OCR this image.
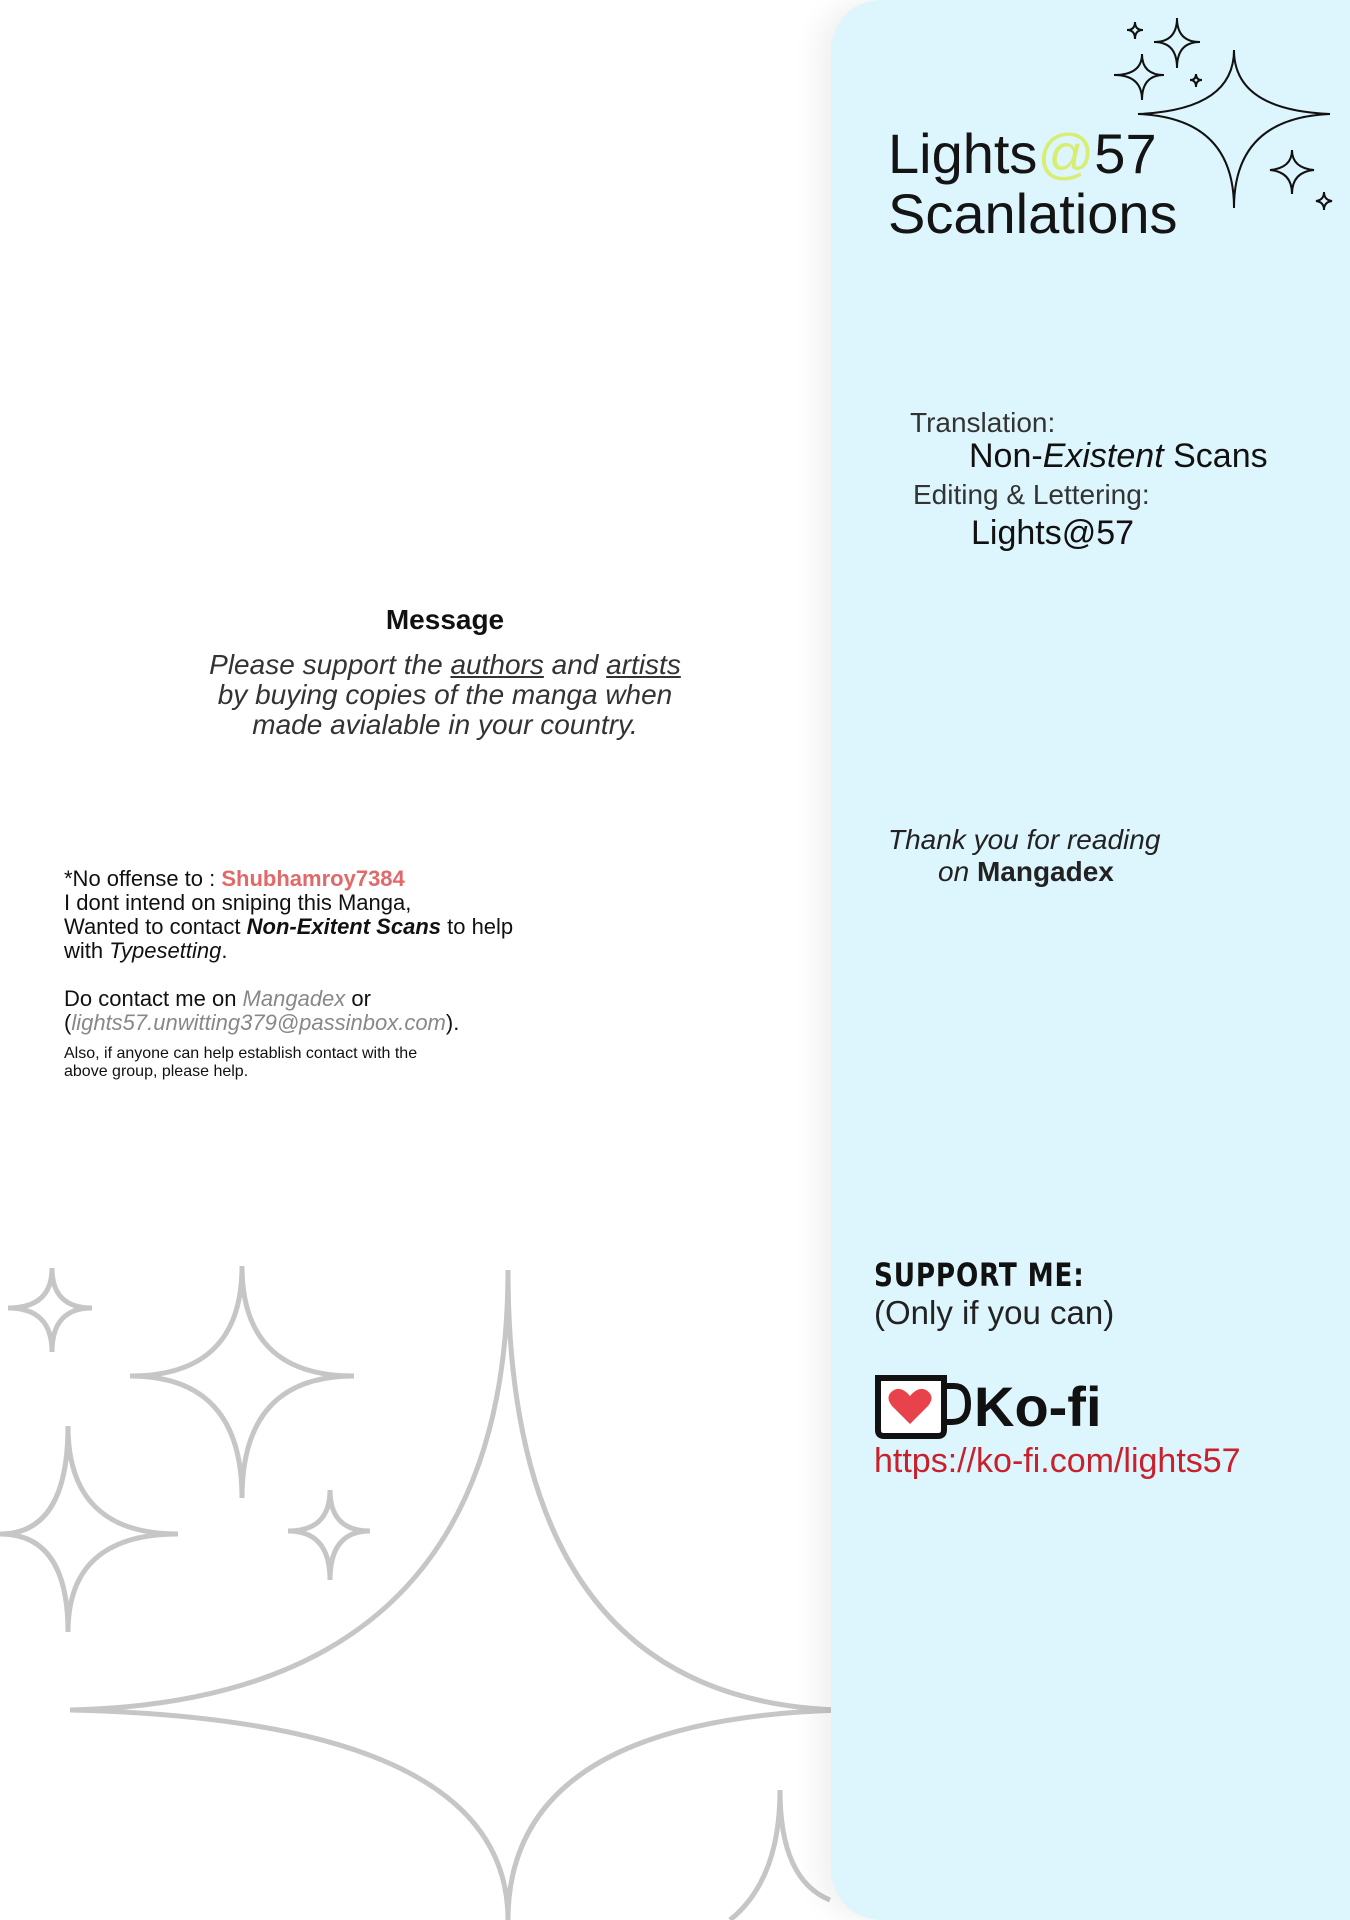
Lights@57
Scanlations
Translation:
Non-Existent Scans
Editing & Lettering:
Lights@57
Message
Please support the authors and artists
by buying copies of the manga when
made avialable in your country.
*No offense to : Shubhamroy7384
I dont intend on sniping this Manga,
Wanted to contact Non-Exitent Scans to help
with Typesetting.

Do contact me on Mangadex or
(lights57.unwitting379@passinbox.com).

Also, if anyone can help establish contact with the
above group, please help.
Thank you for reading
on Mangadex
SUPPORT ME:
(Only if you can)
Ko-fi
https://ko-fi.com/lights57
